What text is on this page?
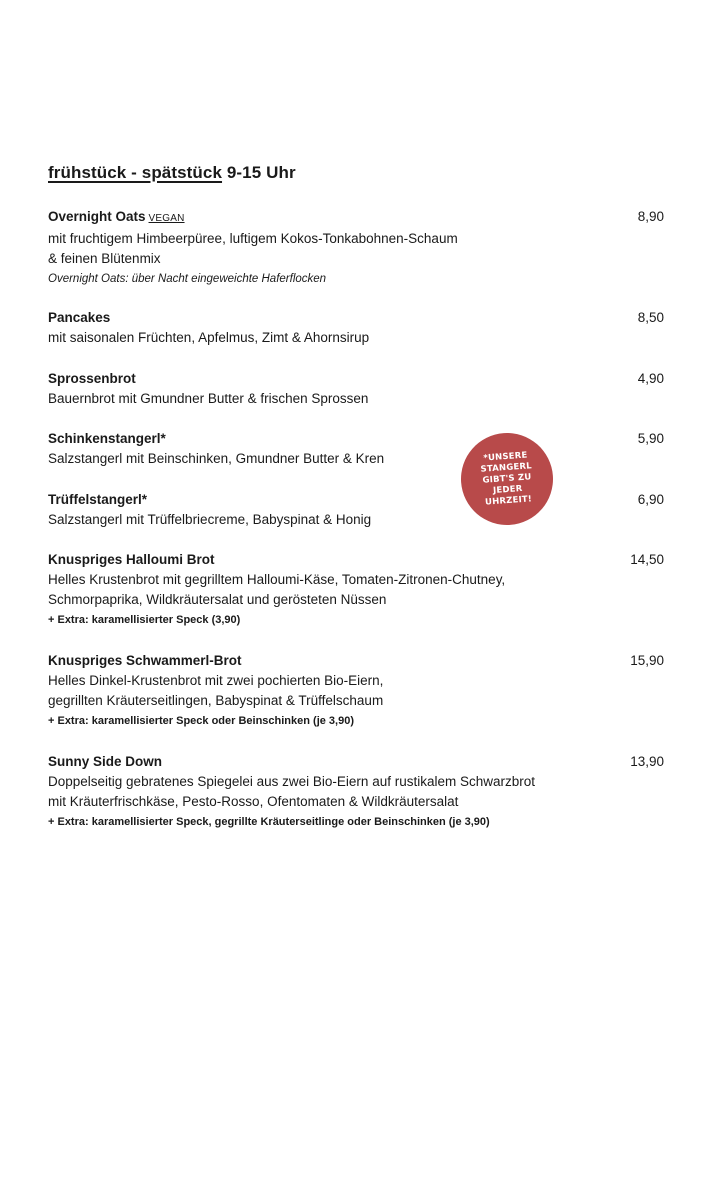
frühstück - spätstück 9-15 Uhr
Overnight Oats VEGAN	8,90
mit fruchtigem Himbeerpüree, luftigem Kokos-Tonkabohnen-Schaum
& feinen Blütenmix
Overnight Oats: über Nacht eingeweichte Haferflocken
Pancakes	8,50
mit saisonalen Früchten, Apfelmus, Zimt & Ahornsirup
Sprossenbrot	4,90
Bauernbrot mit Gmundner Butter & frischen Sprossen
Schinkenstangerl*	5,90
Salzstangerl mit Beinschinken, Gmundner Butter & Kren
Trüffelstangerl*	6,90
Salzstangerl mit Trüffelbriecreme, Babyspinat & Honig
Knuspriges Halloumi Brot	14,50
Helles Krustenbrot mit gegrilltem Halloumi-Käse, Tomaten-Zitronen-Chutney,
Schmorpaprika, Wildkräutersalat und gerösteten Nüssen
+ Extra: karamellisierter Speck (3,90)
Knuspriges Schwammerl-Brot	15,90
Helles Dinkel-Krustenbrot mit zwei pochierten Bio-Eiern,
gegrillten Kräuterseitlingen, Babyspinat & Trüffelschaum
+ Extra: karamellisierter Speck oder Beinschinken (je 3,90)
Sunny Side Down	13,90
Doppelseitig gebratenes Spiegelei aus zwei Bio-Eiern auf rustikalem Schwarzbrot
mit Kräuterfrischkäse, Pesto-Rosso, Ofentomaten & Wildkräutersalat
+ Extra: karamellisierter Speck, gegrillte Kräuterseitlinge oder Beinschinken (je 3,90)
*UNSERE STANGERL GIBT'S ZU JEDER UHRZEIT!
